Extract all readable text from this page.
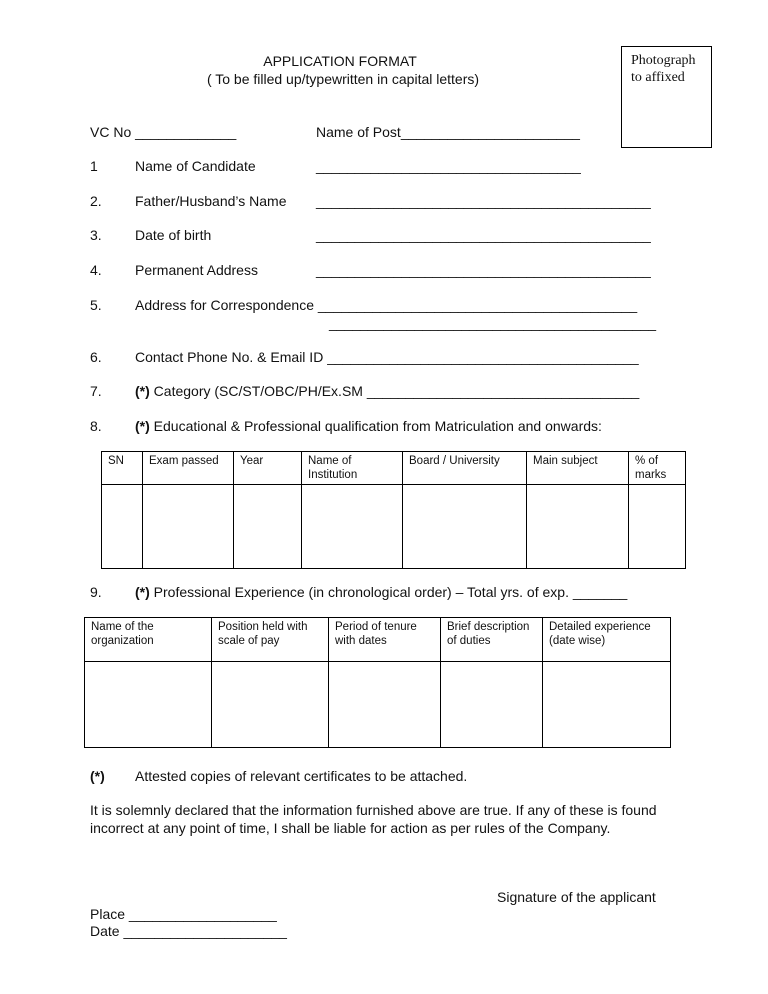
APPLICATION FORMAT
( To be filled up/typewritten in capital letters)
Photograph
to affixed
VC No _____________	Name of Post_______________________
1	Name of Candidate	__________________________________
2. Father/Husband’s Name ___________________________________________
3. Date of birth	___________________________________________
4. Permanent Address	___________________________________________
5. Address for Correspondence _________________________________________
__________________________________________
6. Contact Phone No. & Email ID ________________________________________
7. (*) Category (SC/ST/OBC/PH/Ex.SM ___________________________________
8. (*) Educational & Professional qualification from Matriculation and onwards:
SN	Exam passed	Year	Name of Institution	Board / University	Main subject	% of marks

9. (*) Professional Experience (in chronological order) – Total yrs. of exp. _______
Name of the organization	Position held with scale of pay	Period of tenure with dates	Brief description of duties	Detailed experience (date wise)

(*) Attested copies of relevant certificates to be attached.
It is solemnly declared that the information furnished above are true. If any of these is found
incorrect at any point of time, I shall be liable for action as per rules of the Company.
Signature of the applicant
Place ___________________
Date _____________________
